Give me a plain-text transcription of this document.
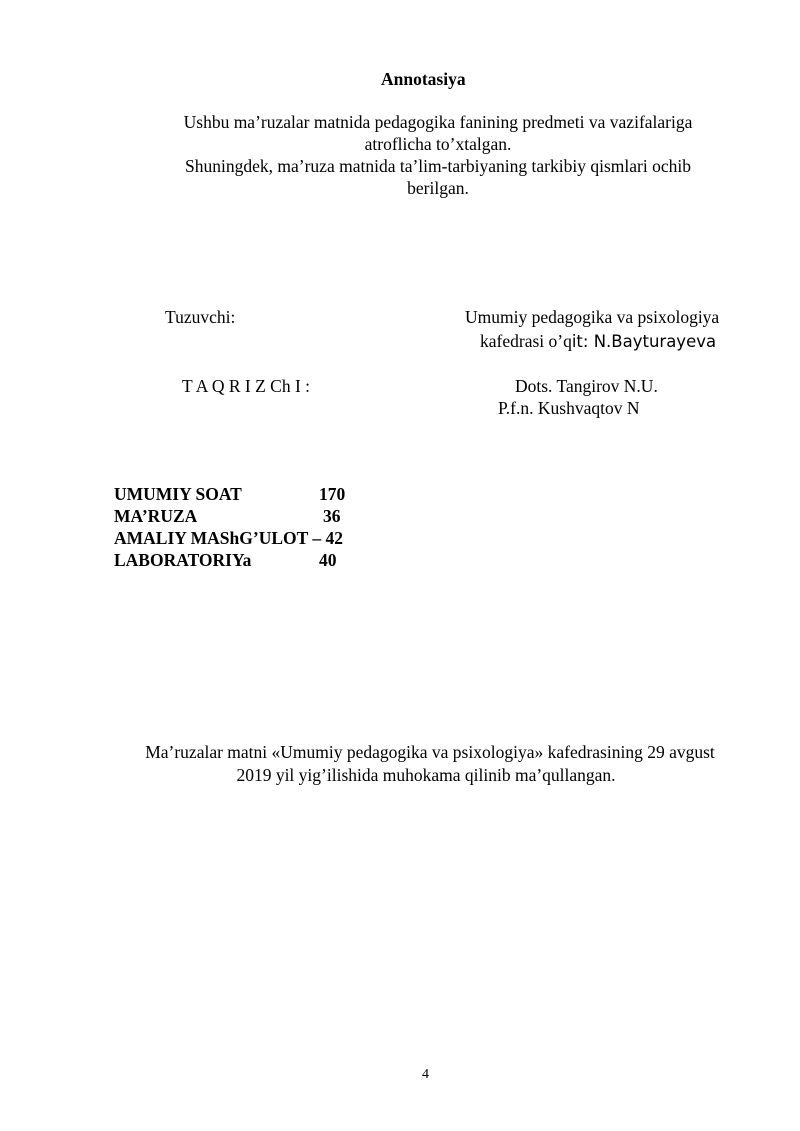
Annotasiya
Ushbu ma’ruzalar matnida pedagogika fanining predmeti va vazifalariga
atroflicha to’xtalgan.
Shuningdek, ma’ruza matnida ta’lim-tarbiyaning tarkibiy qismlari ochib
berilgan.
Tuzuvchi:	Umumiy pedagogika va psixologiya
kafedrasi o’qit: N.Bayturayeva
T A Q R I Z Ch I :	Dots. Tangirov N.U.
P.f.n. Kushvaqtov N
UMUMIY SOAT	170
MA’RUZA	36
AMALIY MAShG’ULOT – 42	
LABORATORIYa	40
Ma’ruzalar matni «Umumiy pedagogika va psixologiya» kafedrasining 29 avgust
2019 yil yig’ilishida muhokama qilinib ma’qullangan.
4
